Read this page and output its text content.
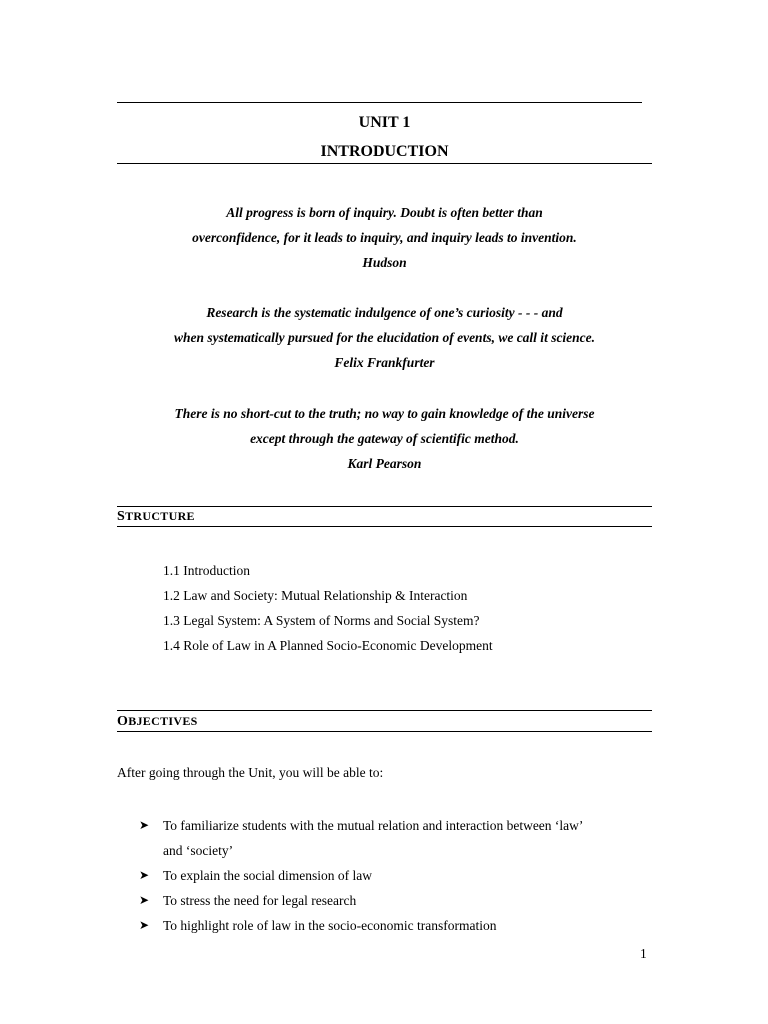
UNIT 1
INTRODUCTION
All progress is born of inquiry. Doubt is often better than
overconfidence, for it leads to inquiry, and inquiry leads to invention.
Hudson
Research is the systematic indulgence of one’s curiosity - - - and
when systematically pursued for the elucidation of events, we call it science.
Felix Frankfurter
There is no short-cut to the truth; no way to gain knowledge of the universe
except through the gateway of scientific method.
Karl Pearson
STRUCTURE
1.1 Introduction
1.2 Law and Society: Mutual Relationship & Interaction
1.3 Legal System: A System of Norms and Social System?
1.4 Role of Law in A Planned Socio-Economic Development
OBJECTIVES
After going through the Unit, you will be able to:
➤ To familiarize students with the mutual relation and interaction between ‘law’
and ‘society’
➤ To explain the social dimension of law
➤ To stress the need for legal research
➤ To highlight role of law in the socio-economic transformation
1
